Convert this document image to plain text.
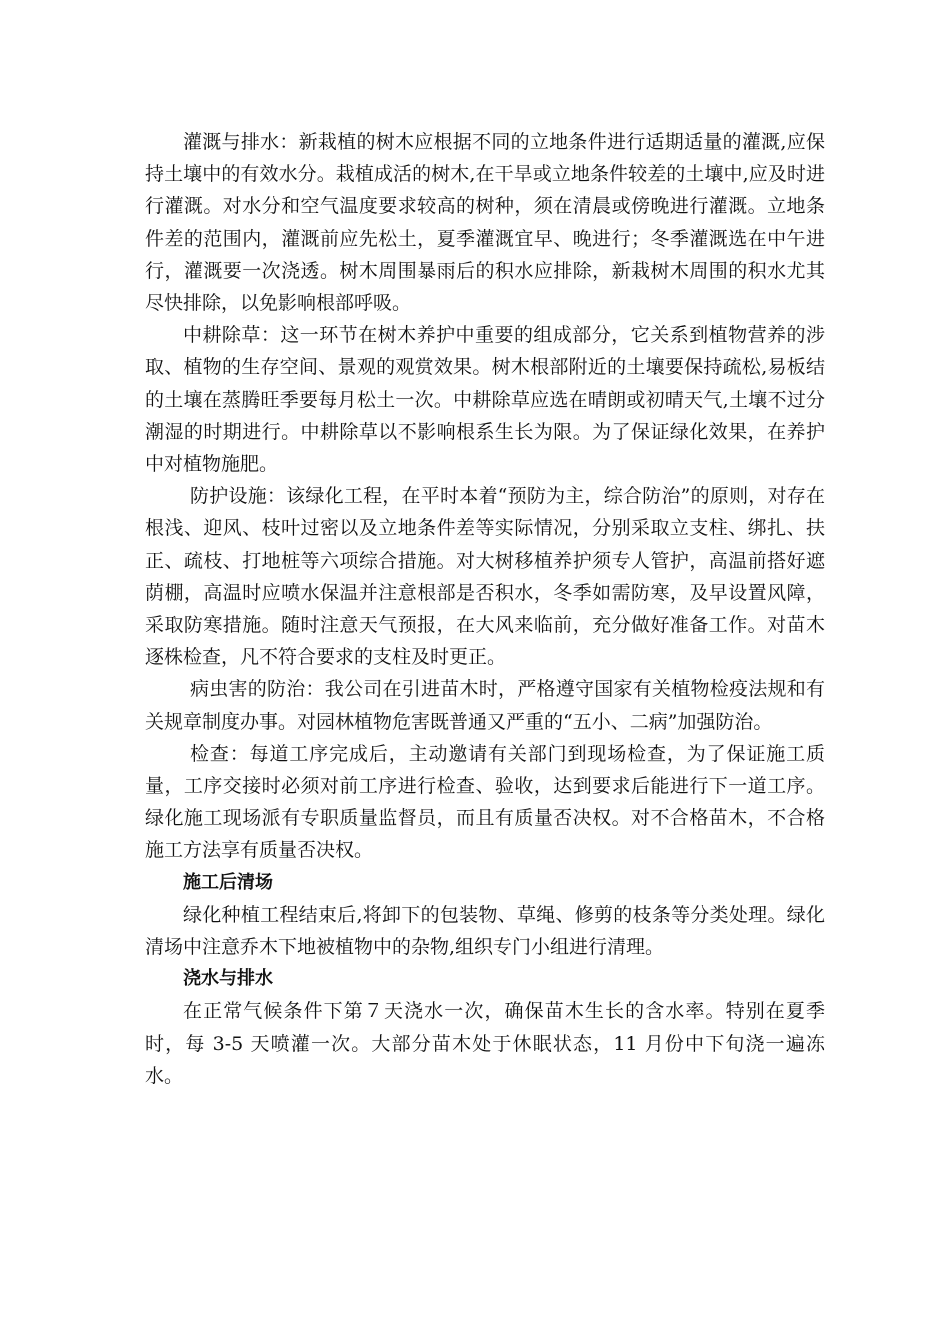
灌溉与排水：新栽植的树木应根据不同的立地条件进行适期适量的灌溉,应保持土壤中的有效水分。栽植成活的树木,在干旱或立地条件较差的土壤中,应及时进行灌溉。对水分和空气温度要求较高的树种，须在清晨或傍晚进行灌溉。立地条件差的范围内，灌溉前应先松土，夏季灌溉宜早、晚进行；冬季灌溉选在中午进行，灌溉要一次浇透。树木周围暴雨后的积水应排除，新栽树木周围的积水尤其尽快排除，以免影响根部呼吸。

中耕除草：这一环节在树木养护中重要的组成部分，它关系到植物营养的涉取、植物的生存空间、景观的观赏效果。树木根部附近的土壤要保持疏松,易板结的土壤在蒸腾旺季要每月松土一次。中耕除草应选在晴朗或初晴天气,土壤不过分潮湿的时期进行。中耕除草以不影响根系生长为限。为了保证绿化效果，在养护中对植物施肥。

防护设施：该绿化工程，在平时本着“预防为主，综合防治”的原则，对存在根浅、迎风、枝叶过密以及立地条件差等实际情况，分别采取立支柱、绑扎、扶正、疏枝、打地桩等六项综合措施。对大树移植养护须专人管护，高温前搭好遮荫棚，高温时应喷水保温并注意根部是否积水，冬季如需防寒，及早设置风障，采取防寒措施。随时注意天气预报，在大风来临前，充分做好准备工作。对苗木逐株检查，凡不符合要求的支柱及时更正。

病虫害的防治：我公司在引进苗木时，严格遵守国家有关植物检疫法规和有关规章制度办事。对园林植物危害既普通又严重的“五小、二病”加强防治。

检查：每道工序完成后，主动邀请有关部门到现场检查，为了保证施工质量，工序交接时必须对前工序进行检查、验收，达到要求后能进行下一道工序。绿化施工现场派有专职质量监督员，而且有质量否决权。对不合格苗木，不合格施工方法享有质量否决权。

施工后清场

绿化种植工程结束后,将卸下的包装物、草绳、修剪的枝条等分类处理。绿化清场中注意乔木下地被植物中的杂物,组织专门小组进行清理。

浇水与排水

在正常气候条件下第７天浇水一次，确保苗木生长的含水率。特别在夏季时，每 3-5 天喷灌一次。大部分苗木处于休眠状态，11 月份中下旬浇一遍冻水。
